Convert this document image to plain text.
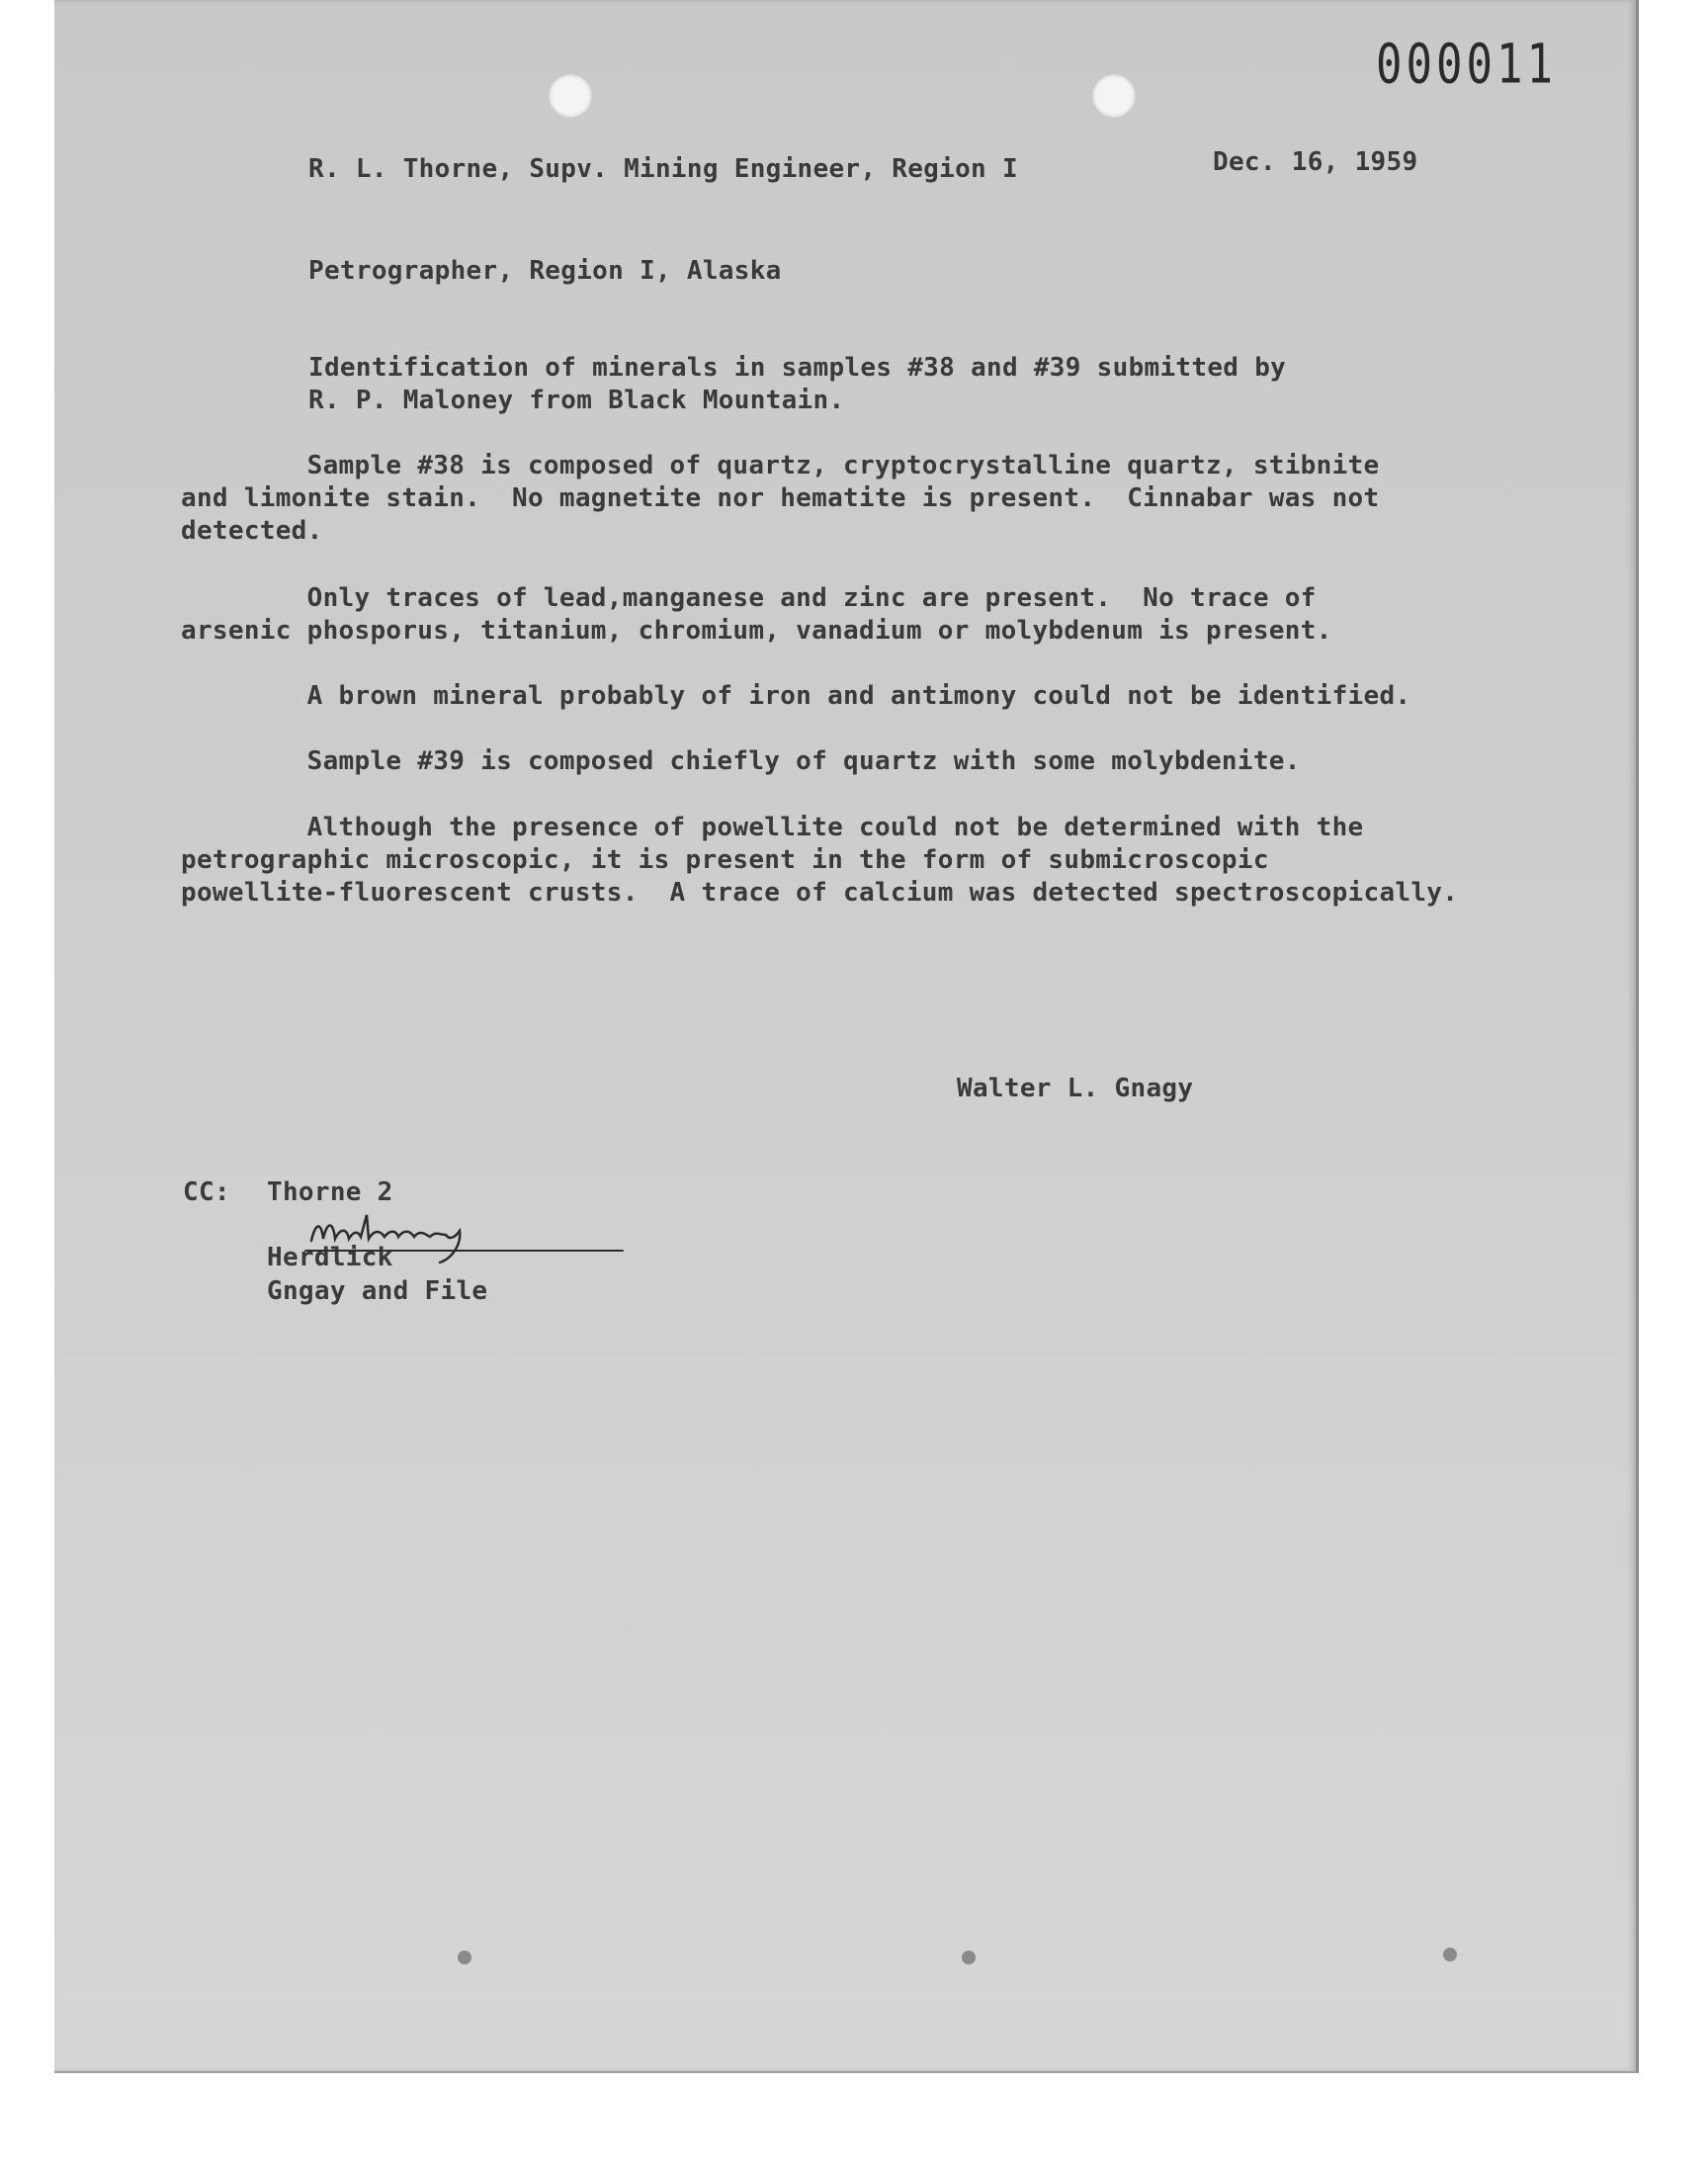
000011

R. L. Thorne, Supv. Mining Engineer, Region I	Dec. 16, 1959

Petrographer, Region I, Alaska

Identification of minerals in samples #38 and #39 submitted by

R. P. Maloney from Black Mountain.

Sample #38 is composed of quartz, cryptocrystalline quartz, stibnite
and limonite stain.  No magnetite nor hematite is present.  Cinnabar was not
detected.

Only traces of lead,manganese and zinc are present.  No trace of
arsenic phosporus, titanium, chromium, vanadium or molybdenum is present.

A brown mineral probably of iron and antimony could not be identified.

Sample #39 is composed chiefly of quartz with some molybdenite.

Although the presence of powellite could not be determined with the
petrographic microscopic, it is present in the form of submicroscopic
powellite-fluorescent crusts.  A trace of calcium was detected spectroscopically.

Walter L. Gnagy

CC: Thorne 2

Herdlick

Gngay and File
